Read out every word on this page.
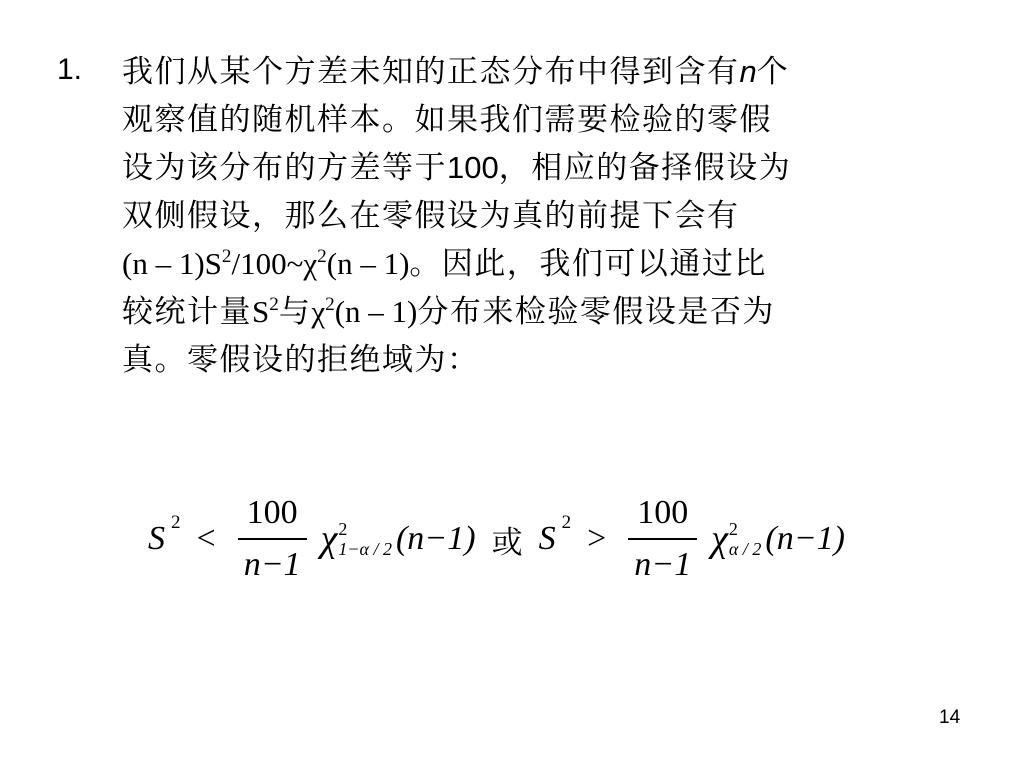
1. 我们从某个方差未知的正态分布中得到含有n个
观察值的随机样本。如果我们需要检验的零假
设为该分布的方差等于100，相应的备择假设为
双侧假设，那么在零假设为真的前提下会有
$(n - 1)S^2/100\sim\chi^2(n - 1)$。因此，我们可以通过比
较统计量$S^2$与$\chi^2(n - 1)$分布来检验零假设是否为
真。零假设的拒绝域为：
S $2 < \frac{100}{n-1}$ χ 2
1−α / 2 (n−1) 或 S $2 > \frac{100}{n-1}$ χ 2
α / 2 (n−1)
14
